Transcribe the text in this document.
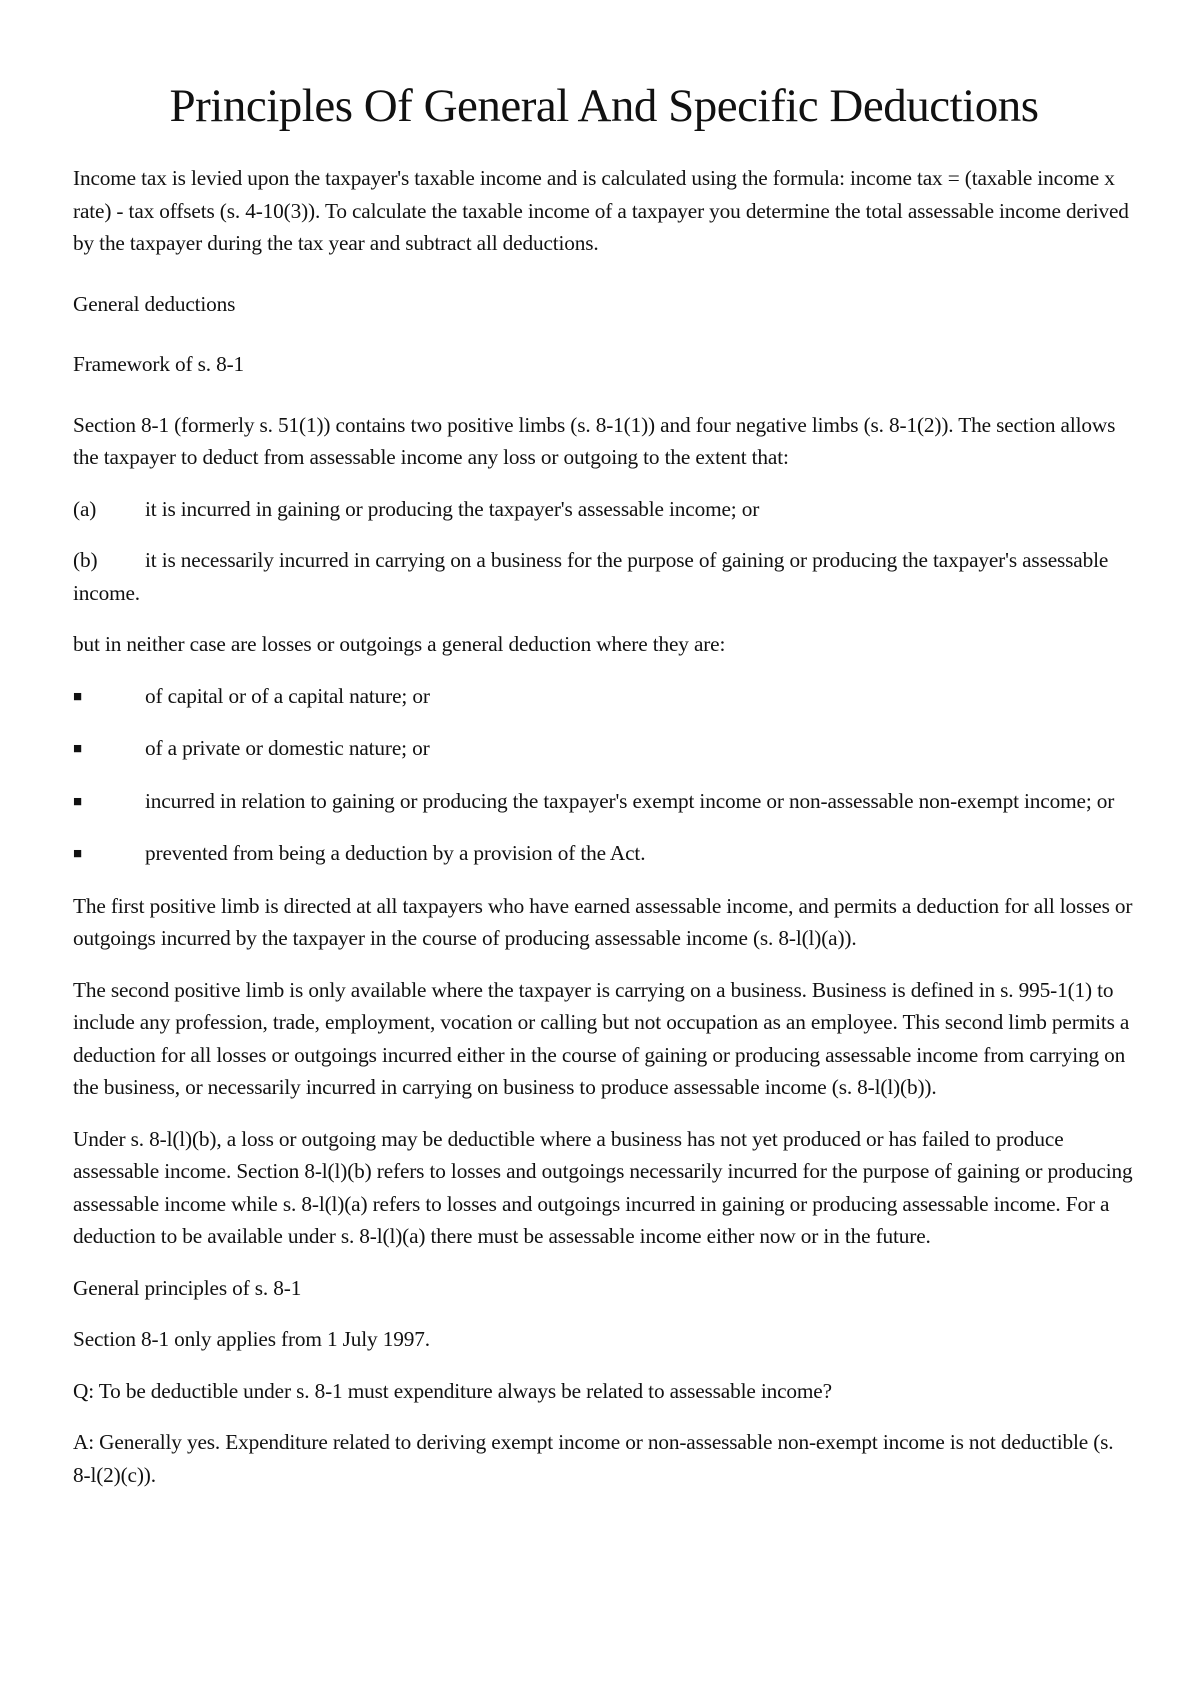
Principles Of General And Specific Deductions

Income tax is levied upon the taxpayer's taxable income and is calculated using the formula: income tax = (taxable income x rate) - tax offsets (s. 4-10(3)). To calculate the taxable income of a taxpayer you determine the total assessable income derived by the taxpayer during the tax year and subtract all deductions.

General deductions

Framework of s. 8-1

Section 8-1 (formerly s. 51(1)) contains two positive limbs (s. 8-1(1)) and four negative limbs (s. 8-1(2)). The section allows the taxpayer to deduct from assessable income any loss or outgoing to the extent that:

(a) it is incurred in gaining or producing the taxpayer's assessable income; or

(b) it is necessarily incurred in carrying on a business for the purpose of gaining or producing the taxpayer's assessable income.

but in neither case are losses or outgoings a general deduction where they are:

■	of capital or of a capital nature; or

■	of a private or domestic nature; or

■	incurred in relation to gaining or producing the taxpayer's exempt income or non-assessable non-exempt income; or

■	prevented from being a deduction by a provision of the Act.

The first positive limb is directed at all taxpayers who have earned assessable income, and permits a deduction for all losses or outgoings incurred by the taxpayer in the course of producing assessable income (s. 8-l(l)(a)).

The second positive limb is only available where the taxpayer is carrying on a business. Business is defined in s. 995-1(1) to include any profession, trade, employment, vocation or calling but not occupation as an employee. This second limb permits a deduction for all losses or outgoings incurred either in the course of gaining or producing assessable income from carrying on the business, or necessarily incurred in carrying on business to produce assessable income (s. 8-l(l)(b)).

Under s. 8-l(l)(b), a loss or outgoing may be deductible where a business has not yet produced or has failed to produce assessable income. Section 8-l(l)(b) refers to losses and outgoings necessarily incurred for the purpose of gaining or producing assessable income while s. 8-l(l)(a) refers to losses and outgoings incurred in gaining or producing assessable income. For a deduction to be available under s. 8-l(l)(a) there must be assessable income either now or in the future.

General principles of s. 8-1

Section 8-1 only applies from 1 July 1997.

Q: To be deductible under s. 8-1 must expenditure always be related to assessable income?

A: Generally yes. Expenditure related to deriving exempt income or non-assessable non-exempt income is not deductible (s. 8-l(2)(c)).
